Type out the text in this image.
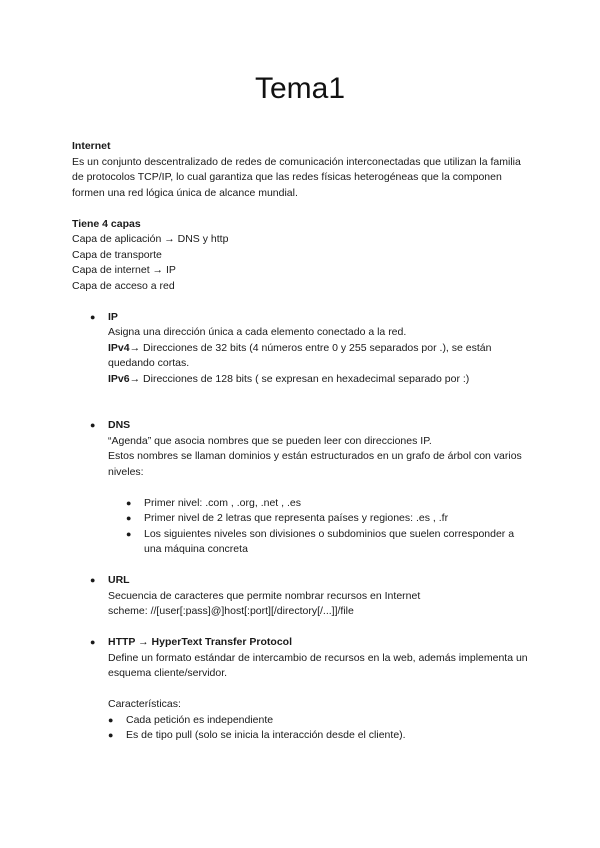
Tema1

Internet

Es un conjunto descentralizado de redes de comunicación interconectadas que utilizan la familia de protocolos TCP/IP, lo cual garantiza que las redes físicas heterogéneas que la componen formen una red lógica única de alcance mundial.

Tiene 4 capas

Capa de aplicación → DNS y http

Capa de transporte

Capa de internet → IP

Capa de acceso a red

● IP

Asigna una dirección única a cada elemento conectado a la red.

IPv4→ Direcciones de 32 bits (4 números entre 0 y 255 separados por .), se están quedando cortas.

IPv6→ Direcciones de 128 bits ( se expresan en hexadecimal separado por :)

● DNS

“Agenda” que asocia nombres que se pueden leer con direcciones IP.

Estos nombres se llaman dominios y están estructurados en un grafo de árbol con varios niveles:

● Primer nivel: .com , .org, .net , .es
● Primer nivel de 2 letras que representa países y regiones: .es , .fr
● Los siguientes niveles son divisiones o subdominios que suelen corresponder a una máquina concreta
● URL

Secuencia de caracteres que permite nombrar recursos en Internet

scheme: //[user[:pass]@]host[:port][/directory[/...]]/file

● HTTP → HyperText Transfer Protocol

Define un formato estándar de intercambio de recursos en la web, además implementa un esquema cliente/servidor.

Características:

● Cada petición es independiente
● Es de tipo pull (solo se inicia la interacción desde el cliente).
